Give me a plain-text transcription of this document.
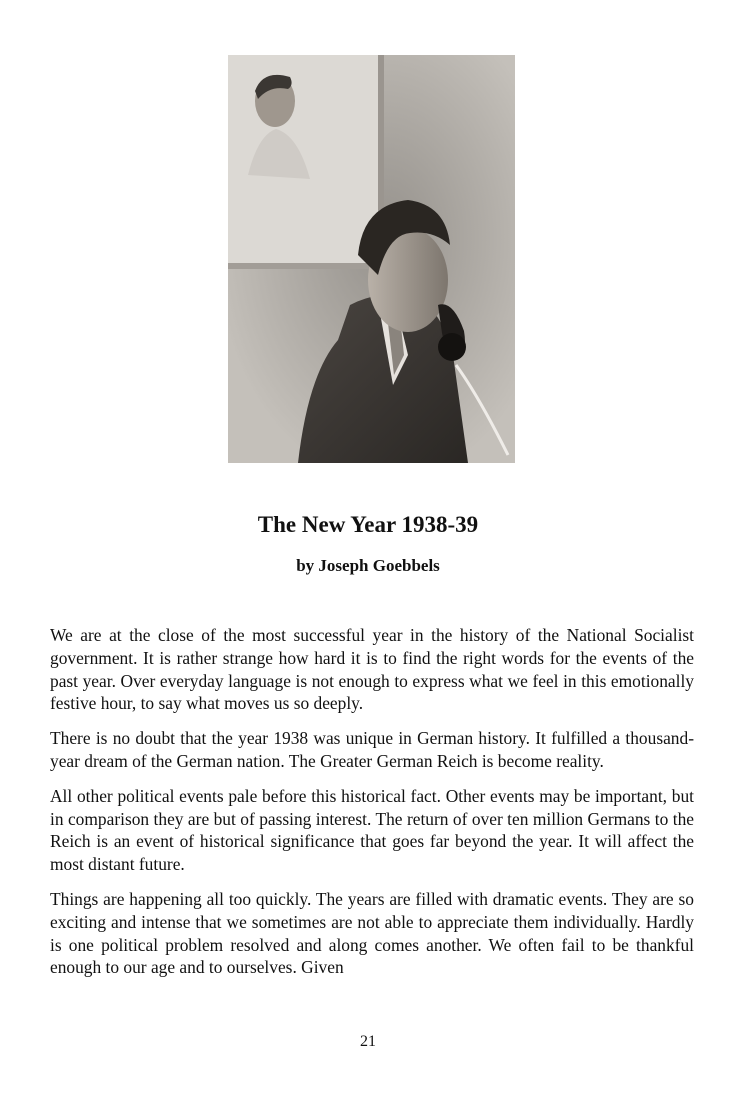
The New Year 1938-39
by Joseph Goebbels

We are at the close of the most successful year in the history of the National Socialist government. It is rather strange how hard it is to find the right words for the events of the past year. Over everyday language is not enough to express what we feel in this emotionally festive hour, to say what moves us so deeply.

There is no doubt that the year 1938 was unique in German history. It fulfilled a thousand-year dream of the German nation. The Greater German Reich is become reality.

All other political events pale before this historical fact. Other events may be important, but in comparison they are but of passing interest. The return of over ten million Germans to the Reich is an event of historical significance that goes far beyond the year. It will affect the most distant future.

Things are happening all too quickly. The years are filled with dramatic events. They are so exciting and intense that we sometimes are not able to appreciate them individually. Hardly is one political problem resolved and along comes another. We often fail to be thankful enough to our age and to ourselves. Given

21
